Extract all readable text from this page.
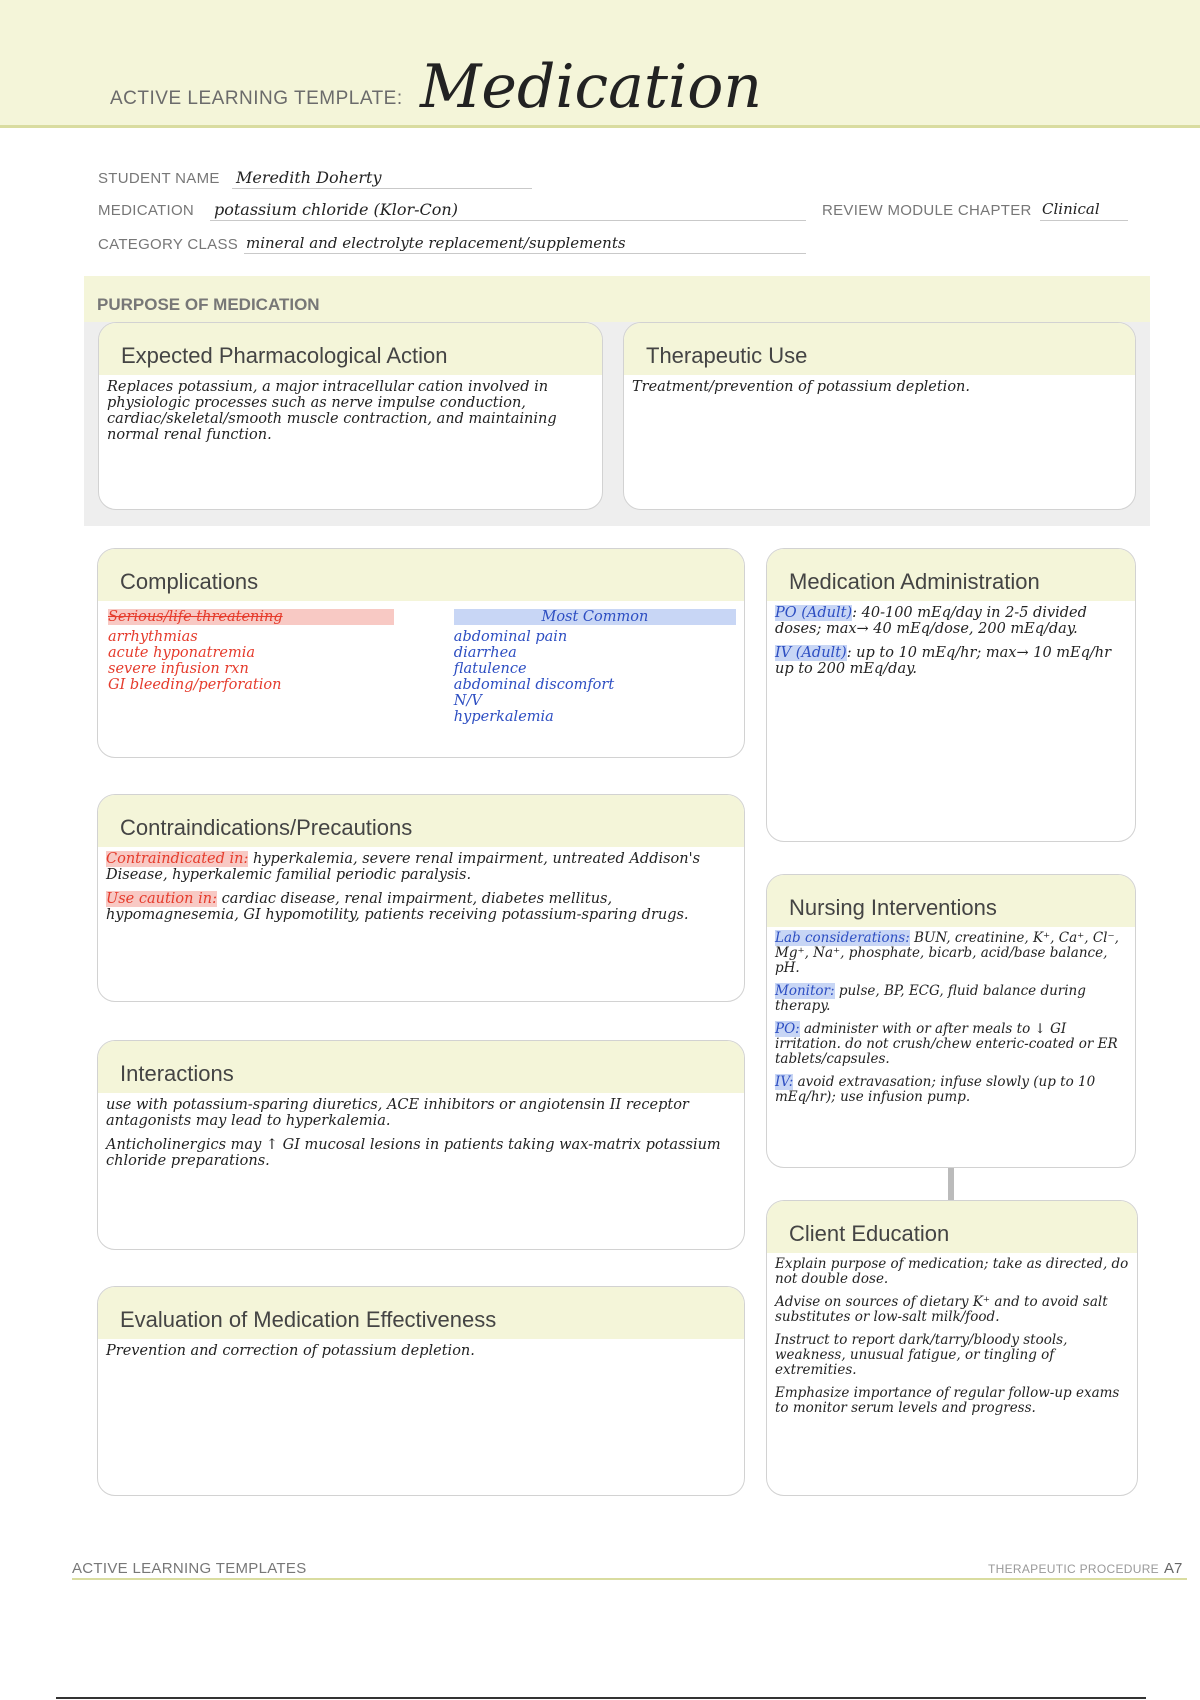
ACTIVE LEARNING TEMPLATE: Medication
STUDENT NAME Meredith Doherty
MEDICATION potassium chloride (Klor-Con)	REVIEW MODULE CHAPTER Clinical
CATEGORY CLASS mineral and electrolyte replacement/supplements
PURPOSE OF MEDICATION
Expected Pharmacological Action

Replaces potassium, a major intracellular cation involved in physiologic processes such as nerve impulse conduction, cardiac/skeletal/smooth muscle contraction, and maintaining normal renal function.

Therapeutic Use

Treatment/prevention of potassium depletion.

Complications
Serious/life threatening
arrhythmias
acute hyponatremia
severe infusion rxn
GI bleeding/perforation
Most Common
abdominal pain
diarrhea
flatulence
abdominal discomfort
N/V
hyperkalemia
Medication Administration

PO (Adult): 40-100 mEq/day in 2-5 divided doses; max→ 40 mEq/dose, 200 mEq/day.

IV (Adult): up to 10 mEq/hr; max→ 10 mEq/hr up to 200 mEq/day.

Contraindications/Precautions

Contraindicated in: hyperkalemia, severe renal impairment, untreated Addison's Disease, hyperkalemic familial periodic paralysis.

Use caution in: cardiac disease, renal impairment, diabetes mellitus, hypomagnesemia, GI hypomotility, patients receiving potassium-sparing drugs.	Nursing Interventions

Lab considerations: BUN, creatinine, K⁺, Ca⁺, Cl⁻, Mg⁺, Na⁺, phosphate, bicarb, acid/base balance, pH.

Monitor: pulse, BP, ECG, fluid balance during therapy.

PO: administer with or after meals to ↓ GI irritation. do not crush/chew enteric-coated or ER tablets/capsules.

IV: avoid extravasation; infuse slowly (up to 10 mEq/hr); use infusion pump.

Interactions

use with potassium-sparing diuretics, ACE inhibitors or angiotensin II receptor antagonists may lead to hyperkalemia.

Anticholinergics may ↑ GI mucosal lesions in patients taking wax-matrix potassium chloride preparations.

Client Education

Explain purpose of medication; take as directed, do not double dose.

Advise on sources of dietary K⁺ and to avoid salt substitutes or low-salt milk/food.

Instruct to report dark/tarry/bloody stools, weakness, unusual fatigue, or tingling of extremities.

Emphasize importance of regular follow-up exams to monitor serum levels and progress.

Evaluation of Medication Effectiveness

Prevention and correction of potassium depletion.

ACTIVE LEARNING TEMPLATES	THERAPEUTIC PROCEDURE A7
